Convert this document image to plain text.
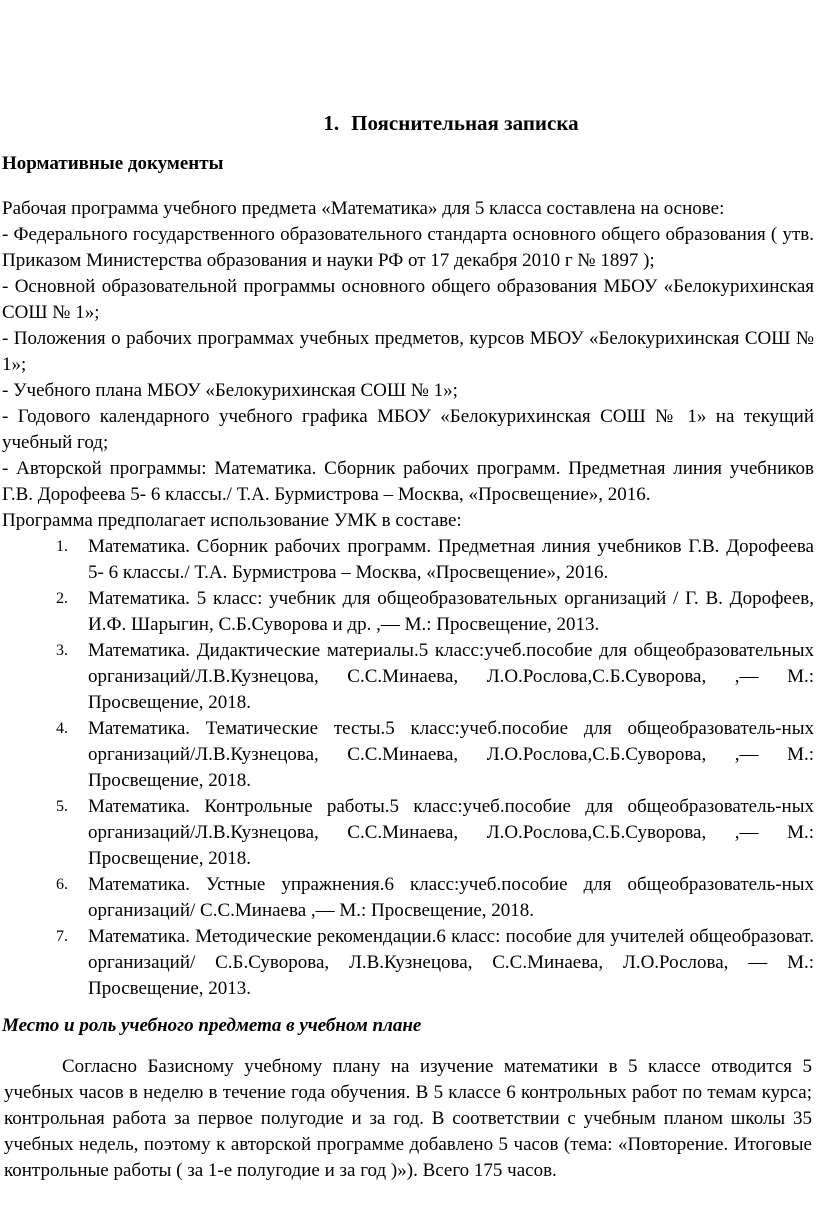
1. Пояснительная записка

Нормативные документы

Рабочая программа учебного предмета «Математика» для 5 класса составлена на основе:

- Федерального государственного образовательного стандарта основного общего образования ( утв. Приказом Министерства образования и науки РФ от 17 декабря 2010 г № 1897 );

- Основной образовательной программы основного общего образования МБОУ «Белокурихинская СОШ № 1»;

- Положения о рабочих программах учебных предметов, курсов МБОУ «Белокурихинская СОШ № 1»;

- Учебного плана МБОУ «Белокурихинская СОШ № 1»;

- Годового календарного учебного графика МБОУ «Белокурихинская СОШ № 1» на текущий учебный год;

- Авторской программы: Математика. Сборник рабочих программ. Предметная линия учебников Г.В. Дорофеева 5- 6 классы./ Т.А. Бурмистрова – Москва, «Просвещение», 2016.

Программа предполагает использование УМК в составе:

1. Математика. Сборник рабочих программ. Предметная линия учебников Г.В. Дорофеева 5- 6 классы./ Т.А. Бурмистрова – Москва, «Просвещение», 2016.
2. Математика. 5 класс: учебник для общеобразовательных организаций / Г. В. Дорофеев, И.Ф. Шарыгин, С.Б.Суворова и др. ,— М.: Просвещение, 2013.
3. Математика. Дидактические материалы.5 класс:учеб.пособие для общеобразовательных организаций/Л.В.Кузнецова, С.С.Минаева, Л.О.Рослова,С.Б.Суворова, ,— М.: Просвещение, 2018.
4. Математика. Тематические тесты.5 класс:учеб.пособие для общеобразователь-ных организаций/Л.В.Кузнецова, С.С.Минаева, Л.О.Рослова,С.Б.Суворова, ,— М.: Просвещение, 2018.
5. Математика. Контрольные работы.5 класс:учеб.пособие для общеобразователь-ных организаций/Л.В.Кузнецова, С.С.Минаева, Л.О.Рослова,С.Б.Суворова, ,— М.: Просвещение, 2018.
6. Математика. Устные упражнения.6 класс:учеб.пособие для общеобразователь-ных организаций/ С.С.Минаева ,— М.: Просвещение, 2018.
7. Математика. Методические рекомендации.6 класс: пособие для учителей общеобразоват. организаций/ С.Б.Суворова, Л.В.Кузнецова, С.С.Минаева, Л.О.Рослова, — М.: Просвещение, 2013.

Место и роль учебного предмета в учебном плане

Согласно Базисному учебному плану на изучение математики в 5 классе отводится 5 учебных часов в неделю в течение года обучения. В 5 классе 6 контрольных работ по темам курса; контрольная работа за первое полугодие и за год. В соответствии с учебным планом школы 35 учебных недель, поэтому к авторской программе добавлено 5 часов (тема: «Повторение. Итоговые контрольные работы ( за 1-е полугодие и за год )»). Всего 175 часов.
